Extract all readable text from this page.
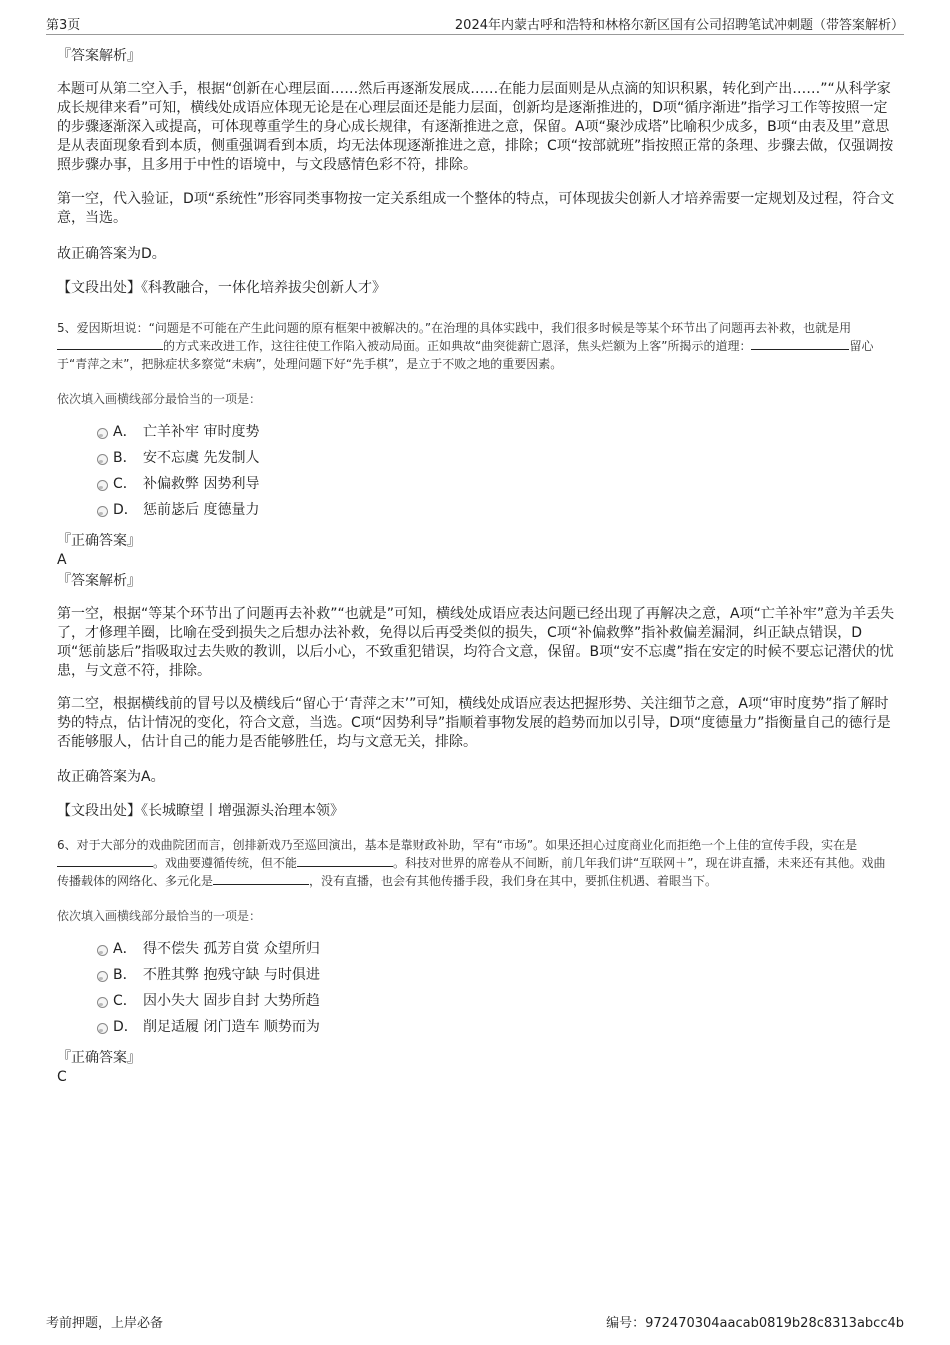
第3页	2024年内蒙古呼和浩特和林格尔新区国有公司招聘笔试冲刺题（带答案解析）

『答案解析』

本题可从第二空入手，根据“创新在心理层面……然后再逐渐发展成……在能力层面则是从点滴的知识积累，转化到产出……”“从科学家成长规律来看”可知，横线处成语应体现无论是在心理层面还是能力层面，创新均是逐渐推进的，D项“循序渐进”指学习工作等按照一定的步骤逐渐深入或提高，可体现尊重学生的身心成长规律，有逐渐推进之意，保留。A项“聚沙成塔”比喻积少成多，B项“由表及里”意思是从表面现象看到本质，侧重强调看到本质，均无法体现逐渐推进之意，排除；C项“按部就班”指按照正常的条理、步骤去做，仅强调按照步骤办事，且多用于中性的语境中，与文段感情色彩不符，排除。

第一空，代入验证，D项“系统性”形容同类事物按一定关系组成一个整体的特点，可体现拔尖创新人才培养需要一定规划及过程，符合文意，当选。

故正确答案为D。

【文段出处】《科教融合，一体化培养拔尖创新人才》

5、爱因斯坦说：“问题是不可能在产生此问题的原有框架中被解决的。”在治理的具体实践中，我们很多时候是等某个环节出了问题再去补救，也就是用的方式来改进工作，这往往使工作陷入被动局面。正如典故“曲突徙薪亡恩泽，焦头烂额为上客”所揭示的道理：	留心于“青萍之末”，把脉症状多察觉“未病”，处理问题下好“先手棋”，是立于不败之地的重要因素。

依次填入画横线部分最恰当的一项是：

A． 亡羊补牢 审时度势
B． 安不忘虞 先发制人
C． 补偏救弊 因势利导
D． 惩前毖后 度德量力

『正确答案』

A

『答案解析』

第一空，根据“等某个环节出了问题再去补救”“也就是”可知，横线处成语应表达问题已经出现了再解决之意，A项“亡羊补牢”意为羊丢失了，才修理羊圈，比喻在受到损失之后想办法补救，免得以后再受类似的损失，C项“补偏救弊”指补救偏差漏洞，纠正缺点错误，D项“惩前毖后”指吸取过去失败的教训，以后小心，不致重犯错误，均符合文意，保留。B项“安不忘虞”指在安定的时候不要忘记潜伏的忧患，与文意不符，排除。

第二空，根据横线前的冒号以及横线后“留心于‘青萍之末’”可知，横线处成语应表达把握形势、关注细节之意，A项“审时度势”指了解时势的特点，估计情况的变化，符合文意，当选。C项“因势利导”指顺着事物发展的趋势而加以引导，D项“度德量力”指衡量自己的德行是否能够服人，估计自己的能力是否能够胜任，均与文意无关，排除。

故正确答案为A。

【文段出处】《长城瞭望丨增强源头治理本领》

6、对于大部分的戏曲院团而言，创排新戏乃至巡回演出，基本是靠财政补助，罕有“市场”。如果还担心过度商业化而拒绝一个上佳的宣传手段，实在是。戏曲要遵循传统，但不能	。科技对世界的席卷从不间断，前几年我们讲“互联网＋”，现在讲直播，未来还有其他。戏曲传播载体的网络化、多元化是	，没有直播，也会有其他传播手段，我们身在其中，要抓住机遇、着眼当下。

依次填入画横线部分最恰当的一项是：

A． 得不偿失 孤芳自赏 众望所归
B． 不胜其弊 抱残守缺 与时俱进
C． 因小失大 固步自封 大势所趋
D． 削足适履 闭门造车 顺势而为

『正确答案』

C

考前押题，上岸必备	编号：972470304aacab0819b28c8313abcc4b
